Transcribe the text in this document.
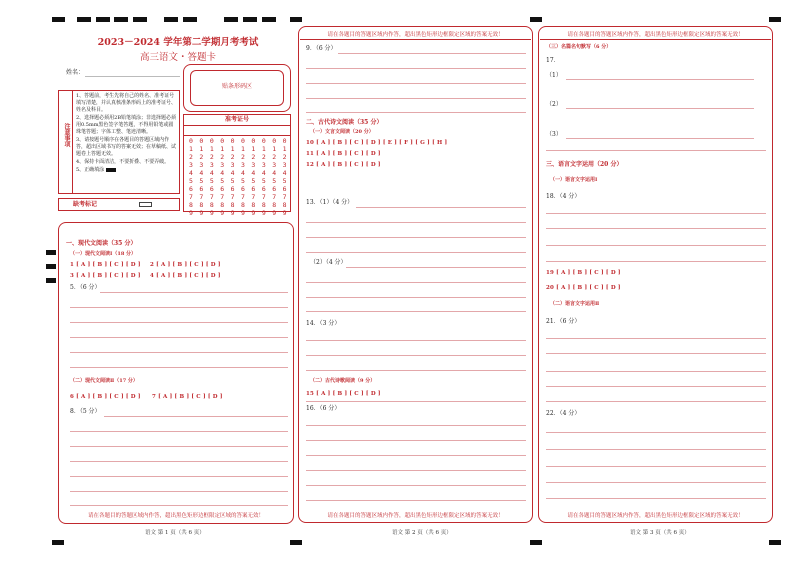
2023－2024 学年第二学期月考考试
高三语文・答题卡
姓名：
贴条形码区
注意事项
1、答题前，考生先将自己的姓名、准考证号填写清楚，并认真核准条形码上的准考证号、姓名及科目。
2、选择题必须用2B铅笔填涂；非选择题必须用0.5mm黑色签字笔答题，不得用铅笔或圆珠笔答题；字体工整、笔迹清晰。
3、请按题号顺序在各题目的答题区域内作答，超出区域书写的答案无效；在草稿纸、试题卷上答题无效。
4、保持卡面清洁，不要折叠、不要弄破。
5、正确填涂
缺考标记
准考证号
0
1
2
3
4
5
6
7
8
9
0
1
2
3
4
5
6
7
8
9
0
1
2
3
4
5
6
7
8
9
0
1
2
3
4
5
6
7
8
9
0
1
2
3
4
5
6
7
8
9
0
1
2
3
4
5
6
7
8
9
0
1
2
3
4
5
6
7
8
9
0
1
2
3
4
5
6
7
8
9
0
1
2
3
4
5
6
7
8
9
0
1
2
3
4
5
6
7
8
9
一、现代文阅读（35 分）
（一）现代文阅读Ⅰ（18 分）
1 [ A ] [ B ] [ C ] [ D ] 2 [ A ] [ B ] [ C ] [ D ]
3 [ A ] [ B ] [ C ] [ D ] 4 [ A ] [ B ] [ C ] [ D ]
5．（6 分）
（二）现代文阅读Ⅱ（17 分）
6 [ A ] [ B ] [ C ] [ D ] 7 [ A ] [ B ] [ C ] [ D ]
8．（5 分）
请在各题目的答题区域内作答，超出黑色矩形边框限定区域的答案无效！
语文 第 1 页（共 6 页）
请在各题目的答题区域内作答，超出黑色矩形边框限定区域的答案无效！
9．（6 分）
二、古代诗文阅读（35 分）
（一）文言文阅读（20 分）
10 [ A ] [ B ] [ C ] [ D ] [ E ] [ F ] [ G ] [ H ]
11 [ A ] [ B ] [ C ] [ D ]
12 [ A ] [ B ] [ C ] [ D ]
13．（1）（4 分）
（2）（4 分）
14．（3 分）
（二）古代诗歌阅读（9 分）
15 [ A ] [ B ] [ C ] [ D ]
16．（6 分）
请在各题目的答题区域内作答，超出黑色矩形边框限定区域的答案无效！
语文 第 2 页（共 6 页）
请在各题目的答题区域内作答，超出黑色矩形边框限定区域的答案无效！
（三）名篇名句默写（6 分）
17．
（1）
（2）
（3）
三、语言文字运用（20 分）
（一）语言文字运用Ⅰ
18．（4 分）
19 [ A ] [ B ] [ C ] [ D ]
20 [ A ] [ B ] [ C ] [ D ]
（二）语言文字运用Ⅱ
21．（6 分）
22．（4 分）
请在各题目的答题区域内作答，超出黑色矩形边框限定区域的答案无效！
语文 第 3 页（共 6 页）
